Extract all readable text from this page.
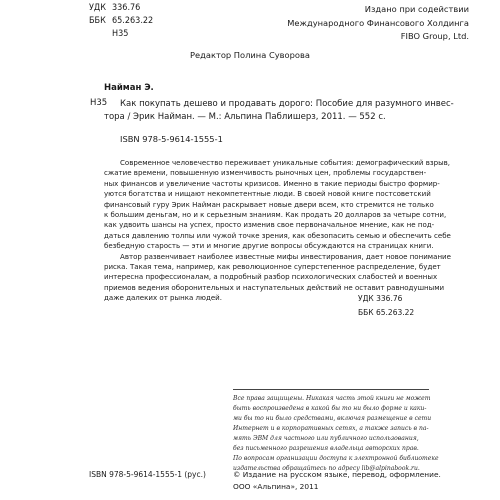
УДК 336.76
ББК 65.263.22
Н35
Издано при содействии
Международного Финансового Холдинга
FIBO Group, Ltd.
Редактор Полина Суворова
Найман Э.
Н35	Как покупать дешево и продавать дорого: Пособие для разумного инвес-
тора / Эрик Найман. — М.: Альпина Паблишерз, 2011. — 552 с.
ISBN 978-5-9614-1555-1
Современное человечество переживает уникальные события: демографический взрыв,
сжатие времени, повышенную изменчивость рыночных цен, проблемы государствен-
ных финансов и увеличение частоты кризисов. Именно в такие периоды быстро формир-
уются богатства и нищают некомпетентные люди. В своей новой книге постсоветский
финансовый гуру Эрик Найман раскрывает новые двери всем, кто стремится не только
к большим деньгам, но и к серьезным знаниям. Как продать 20 долларов за четыре сотни,
как удвоить шансы на успех, просто изменив свое первоначальное мнение, как не под-
даться давлению толпы или чужой точке зрения, как обезопасить семью и обеспечить себе
безбедную старость — эти и многие другие вопросы обсуждаются на страницах книги.
Автор развенчивает наиболее известные мифы инвестирования, дает новое понимание
риска. Такая тема, например, как революционное суперстепенное распределение, будет
интересна профессионалам, а подробный разбор психологических слабостей и военных
приемов ведения оборонительных и наступательных действий не оставит равнодушными
даже далеких от рынка людей.	УДК 336.76
ББК 65.263.22
Все права защищены. Никакая часть этой книги не может
быть воспроизведена в какой бы то ни было форме и каки-
ми бы то ни было средствами, включая размещение в сети
Интернет и в корпоративных сетях, а также запись в па-
мять ЭВМ для частного или публичного использования,
без письменного разрешения владельца авторских прав.
По вопросам организации доступа к электронной библиотеке
издательства обращайтесь по адресу lib@alpinabook.ru.
ISBN 978-5-9614-1555-1 (рус.)	© Издание на русском языке, перевод, оформление.
ООО «Альпина», 2011
